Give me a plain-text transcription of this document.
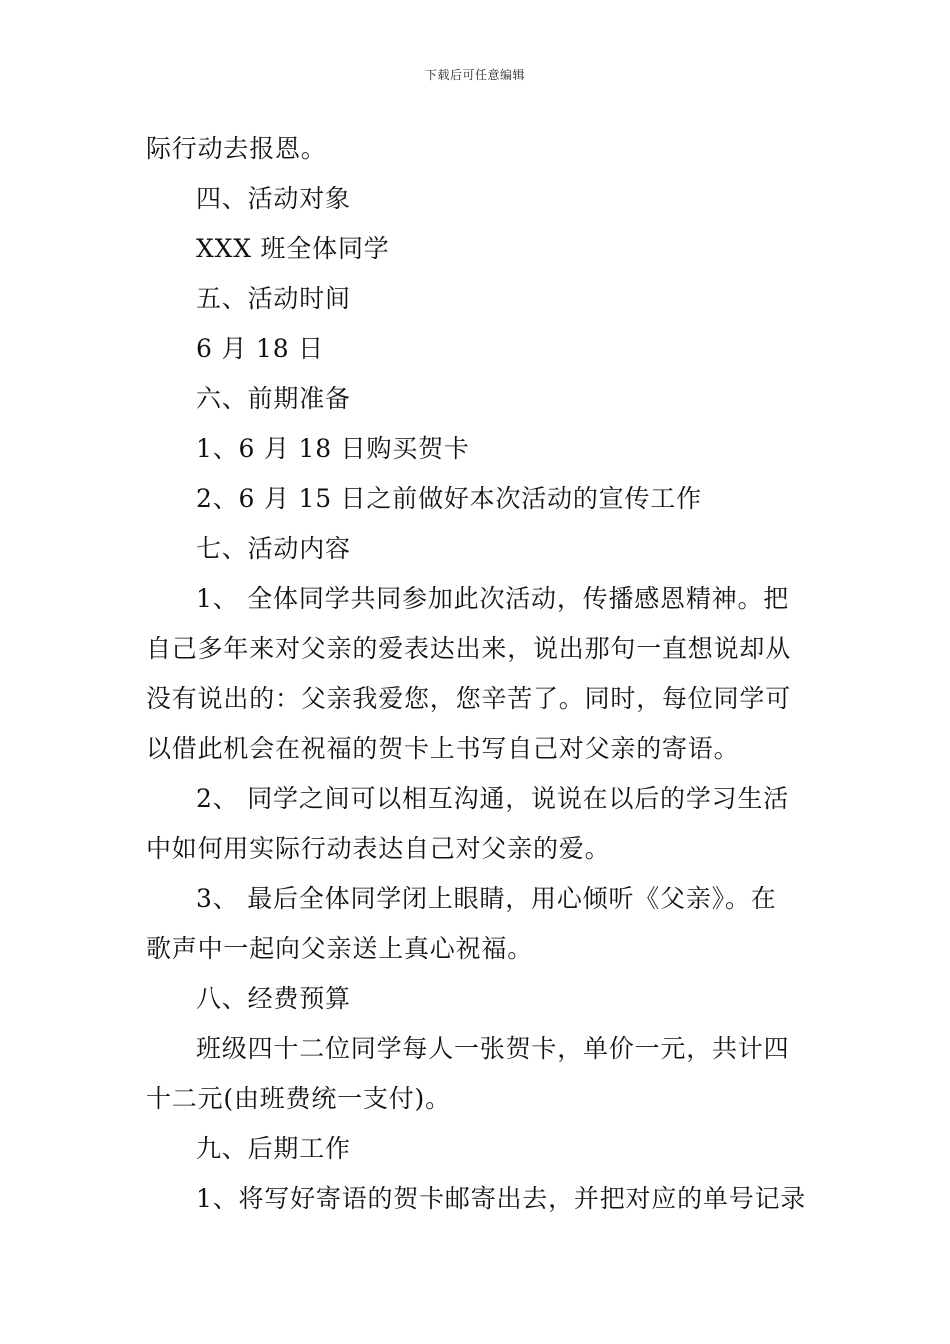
下载后可任意编辑
际行动去报恩。
四、活动对象
XXX 班全体同学
五、活动时间
6 月 18 日
六、前期准备
1、6 月 18 日购买贺卡
2、6 月 15 日之前做好本次活动的宣传工作
七、活动内容
1、 全体同学共同参加此次活动，传播感恩精神。把
自己多年来对父亲的爱表达出来，说出那句一直想说却从
没有说出的：父亲我爱您，您辛苦了。同时，每位同学可
以借此机会在祝福的贺卡上书写自己对父亲的寄语。
2、 同学之间可以相互沟通，说说在以后的学习生活
中如何用实际行动表达自己对父亲的爱。
3、 最后全体同学闭上眼睛，用心倾听《父亲》。在
歌声中一起向父亲送上真心祝福。
八、经费预算
班级四十二位同学每人一张贺卡，单价一元，共计四
十二元(由班费统一支付)。
九、后期工作
1、将写好寄语的贺卡邮寄出去，并把对应的单号记录
